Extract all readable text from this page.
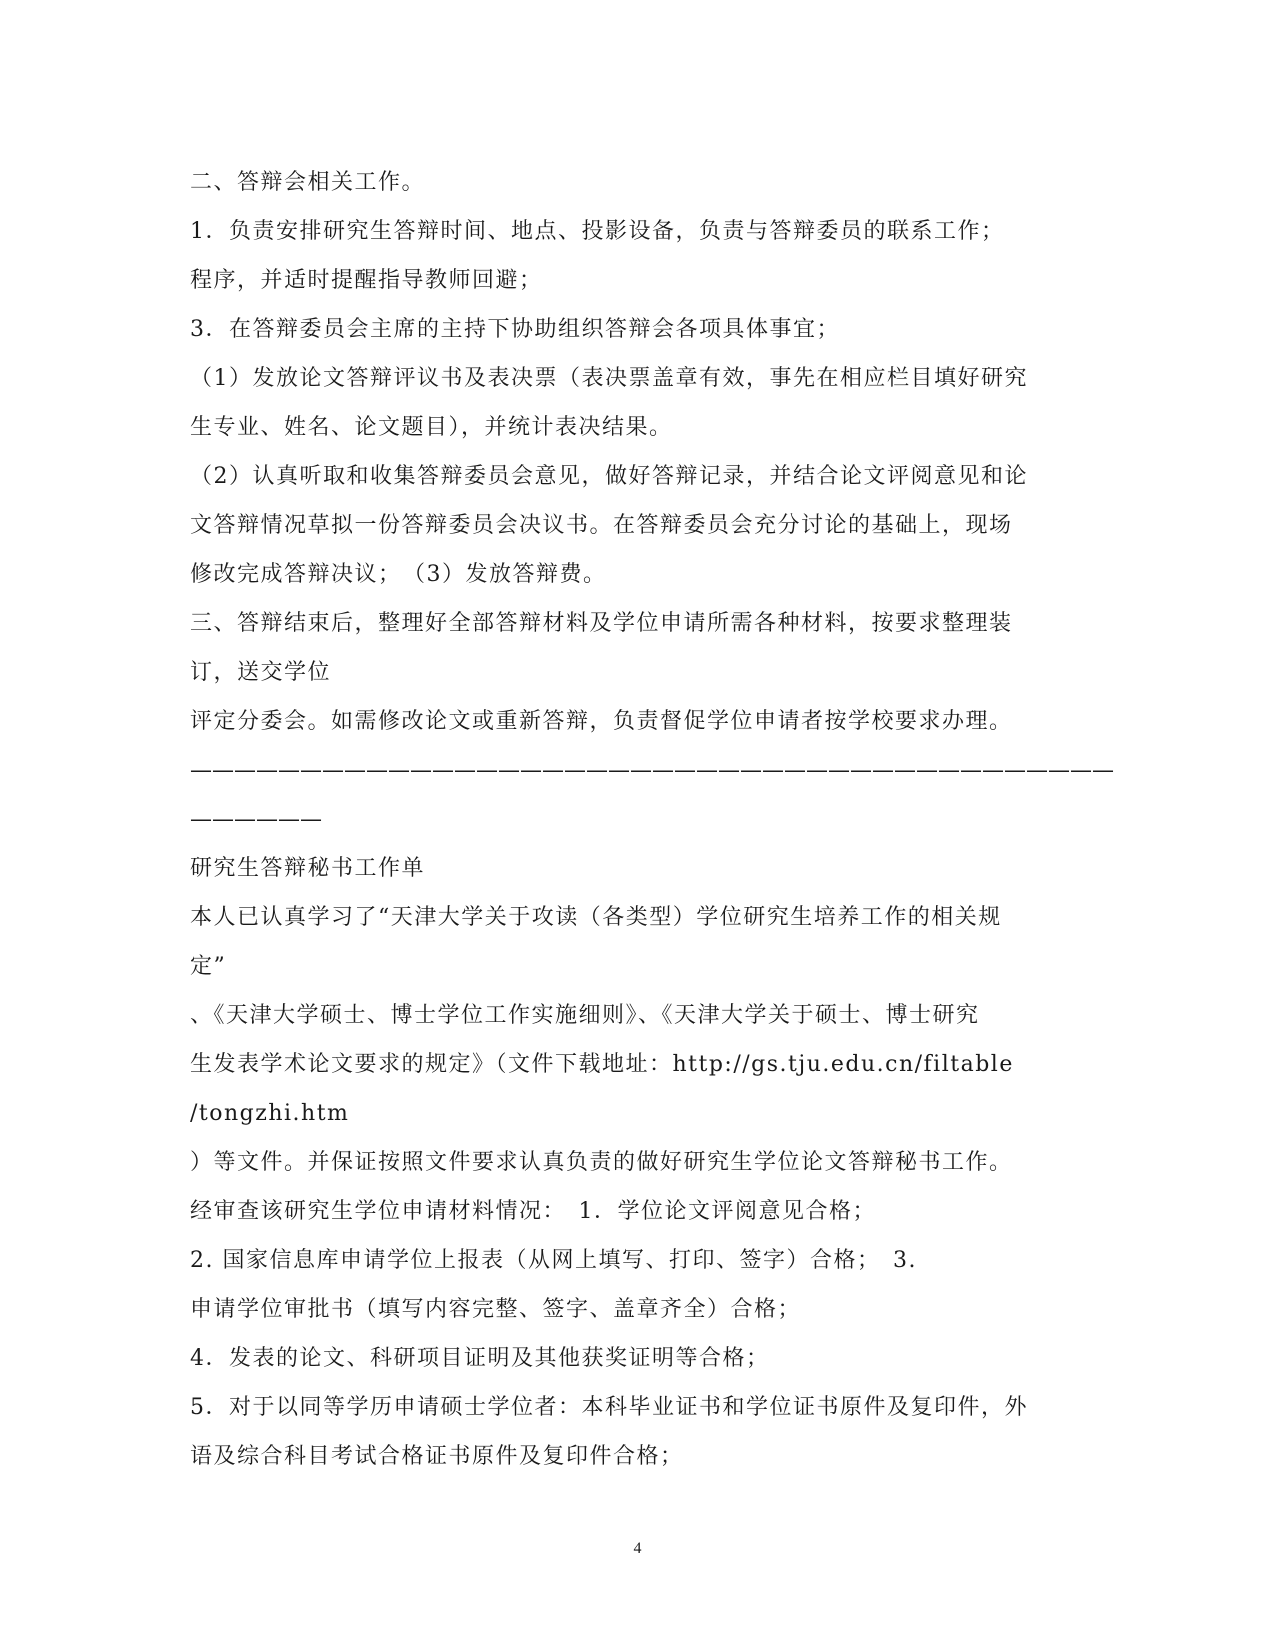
二、答辩会相关工作。
1．负责安排研究生答辩时间、地点、投影设备，负责与答辩委员的联系工作；
程序，并适时提醒指导教师回避；
3．在答辩委员会主席的主持下协助组织答辩会各项具体事宜；
（1）发放论文答辩评议书及表决票（表决票盖章有效，事先在相应栏目填好研究
生专业、姓名、论文题目），并统计表决结果。
（2）认真听取和收集答辩委员会意见，做好答辩记录，并结合论文评阅意见和论
文答辩情况草拟一份答辩委员会决议书。在答辩委员会充分讨论的基础上，现场
修改完成答辩决议；　（3）发放答辩费。
三、答辩结束后，整理好全部答辩材料及学位申请所需各种材料，按要求整理装
订，送交学位
评定分委会。如需修改论文或重新答辩，负责督促学位申请者按学校要求办理。
——————————————————————————————————————————
——————
研究生答辩秘书工作单
本人已认真学习了“天津大学关于攻读（各类型）学位研究生培养工作的相关规
定”
、《天津大学硕士、博士学位工作实施细则》、《天津大学关于硕士、博士研究
生发表学术论文要求的规定》（文件下载地址：http://gs.tju.edu.cn/filtable
/tongzhi.htm
）等文件。并保证按照文件要求认真负责的做好研究生学位论文答辩秘书工作。
经审查该研究生学位申请材料情况：　1．学位论文评阅意见合格；
2. 国家信息库申请学位上报表（从网上填写、打印、签字）合格；　3.
申请学位审批书（填写内容完整、签字、盖章齐全）合格；
4．发表的论文、科研项目证明及其他获奖证明等合格；
5．对于以同等学历申请硕士学位者：本科毕业证书和学位证书原件及复印件，外
语及综合科目考试合格证书原件及复印件合格；
4
